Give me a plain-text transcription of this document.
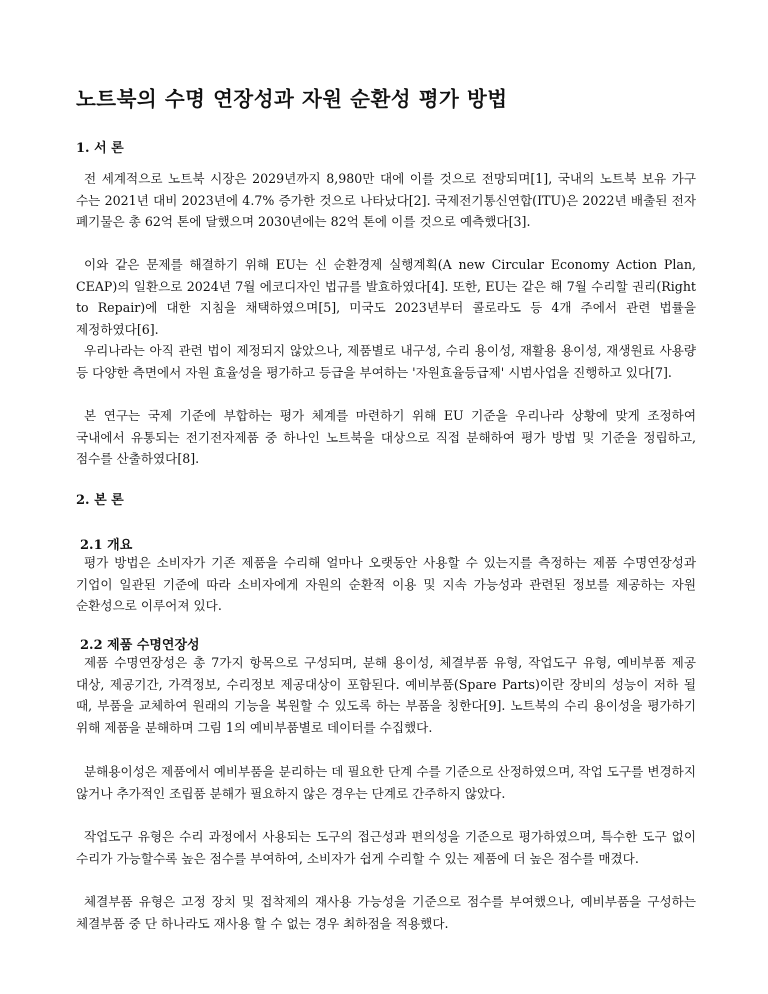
노트북의 수명 연장성과 자원 순환성 평가 방법
1. 서 론

전 세계적으로 노트북 시장은 2029년까지 8,980만 대에 이를 것으로 전망되며[1], 국내의 노트북 보유 가구 수는 2021년 대비 2023년에 4.7% 증가한 것으로 나타났다[2]. 국제전기통신연합(ITU)은 2022년 배출된 전자 폐기물은 총 62억 톤에 달했으며 2030년에는 82억 톤에 이를 것으로 예측했다[3].

이와 같은 문제를 해결하기 위해 EU는 신 순환경제 실행계획(A new Circular Economy Action Plan, CEAP)의 일환으로 2024년 7월 에코디자인 법규를 발효하였다[4]. 또한, EU는 같은 해 7월 수리할 권리(Right to Repair)에 대한 지침을 채택하였으며[5], 미국도 2023년부터 콜로라도 등 4개 주에서 관련 법률을 제정하였다[6].

우리나라는 아직 관련 법이 제정되지 않았으나, 제품별로 내구성, 수리 용이성, 재활용 용이성, 재생원료 사용량 등 다양한 측면에서 자원 효율성을 평가하고 등급을 부여하는 '자원효율등급제' 시범사업을 진행하고 있다[7].

본 연구는 국제 기준에 부합하는 평가 체계를 마련하기 위해 EU 기준을 우리나라 상황에 맞게 조정하여 국내에서 유통되는 전기전자제품 중 하나인 노트북을 대상으로 직접 분해하여 평가 방법 및 기준을 정립하고, 점수를 산출하였다[8].

2. 본 론
2.1 개요

평가 방법은 소비자가 기존 제품을 수리해 얼마나 오랫동안 사용할 수 있는지를 측정하는 제품 수명연장성과 기업이 일관된 기준에 따라 소비자에게 자원의 순환적 이용 및 지속 가능성과 관련된 정보를 제공하는 자원 순환성으로 이루어져 있다.

2.2 제품 수명연장성

제품 수명연장성은 총 7가지 항목으로 구성되며, 분해 용이성, 체결부품 유형, 작업도구 유형, 예비부품 제공 대상, 제공기간, 가격정보, 수리정보 제공대상이 포함된다. 예비부품(Spare Parts)이란 장비의 성능이 저하 될 때, 부품을 교체하여 원래의 기능을 복원할 수 있도록 하는 부품을 칭한다[9]. 노트북의 수리 용이성을 평가하기 위해 제품을 분해하며 그림 1의 예비부품별로 데이터를 수집했다.

분해용이성은 제품에서 예비부품을 분리하는 데 필요한 단계 수를 기준으로 산정하였으며, 작업 도구를 변경하지 않거나 추가적인 조립품 분해가 필요하지 않은 경우는 단계로 간주하지 않았다.

작업도구 유형은 수리 과정에서 사용되는 도구의 접근성과 편의성을 기준으로 평가하였으며, 특수한 도구 없이 수리가 가능할수록 높은 점수를 부여하여, 소비자가 쉽게 수리할 수 있는 제품에 더 높은 점수를 매겼다.

체결부품 유형은 고정 장치 및 접착제의 재사용 가능성을 기준으로 점수를 부여했으나, 예비부품을 구성하는 체결부품 중 단 하나라도 재사용 할 수 없는 경우 최하점을 적용했다.
